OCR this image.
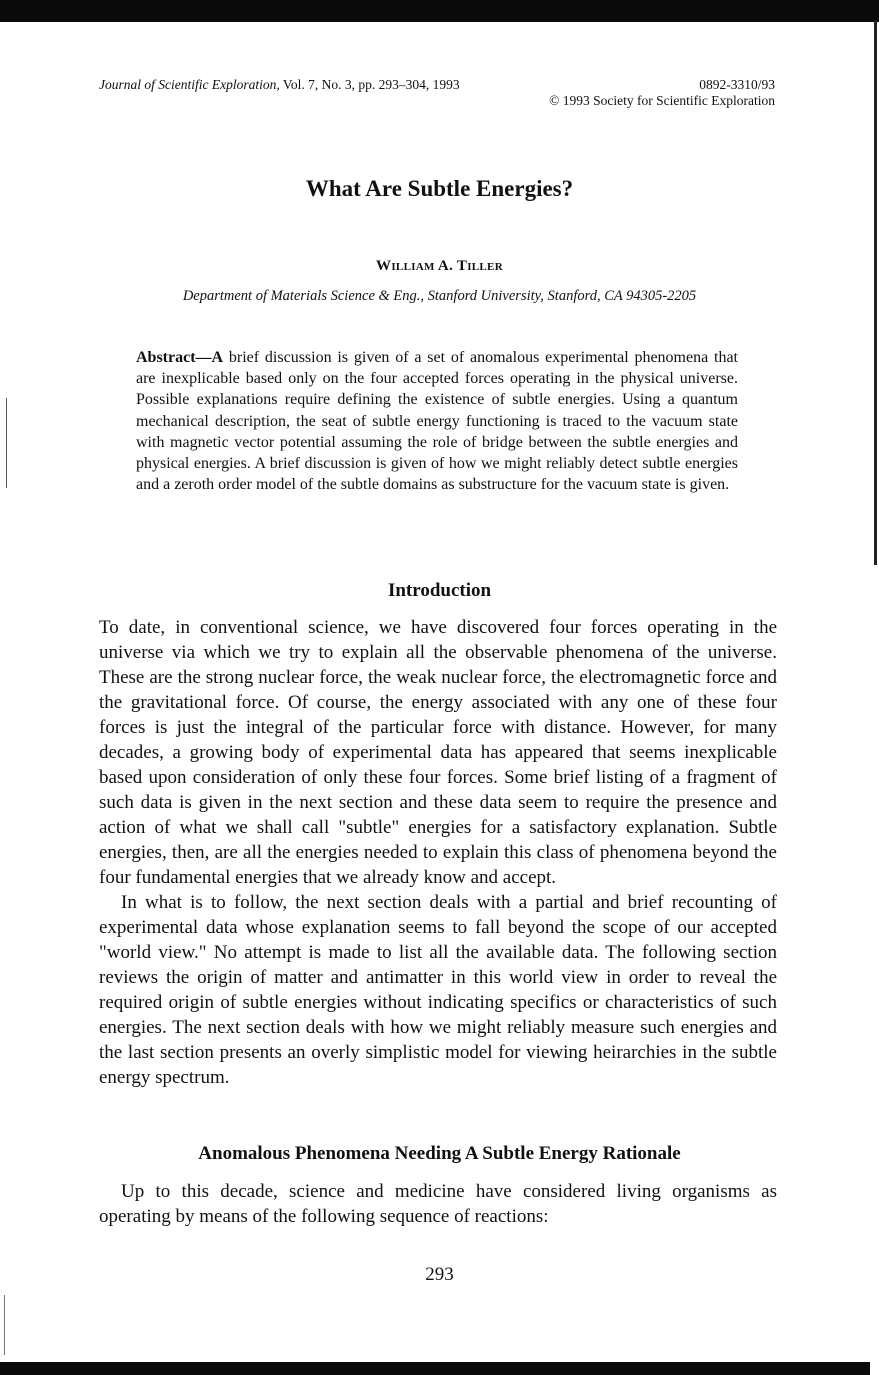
Journal of Scientific Exploration, Vol. 7, No. 3, pp. 293–304, 1993	0892-3310/93
© 1993 Society for Scientific Exploration
What Are Subtle Energies?
William A. Tiller
Department of Materials Science & Eng., Stanford University, Stanford, CA 94305-2205
Abstract—A brief discussion is given of a set of anomalous experimental phenomena that are inexplicable based only on the four accepted forces operating in the physical universe. Possible explanations require defining the existence of subtle energies. Using a quantum mechanical description, the seat of subtle energy functioning is traced to the vacuum state with magnetic vector potential assuming the role of bridge between the subtle energies and physical energies. A brief discussion is given of how we might reliably detect subtle energies and a zeroth order model of the subtle domains as substructure for the vacuum state is given.
Introduction

To date, in conventional science, we have discovered four forces operating in the universe via which we try to explain all the observable phenomena of the universe. These are the strong nuclear force, the weak nuclear force, the electromagnetic force and the gravitational force. Of course, the energy associated with any one of these four forces is just the integral of the particular force with distance. However, for many decades, a growing body of experimental data has appeared that seems inexplicable based upon consideration of only these four forces. Some brief listing of a fragment of such data is given in the next section and these data seem to require the presence and action of what we shall call "subtle" energies for a satisfactory explanation. Subtle energies, then, are all the energies needed to explain this class of phenomena beyond the four fundamental energies that we already know and accept.

In what is to follow, the next section deals with a partial and brief recounting of experimental data whose explanation seems to fall beyond the scope of our accepted "world view." No attempt is made to list all the available data. The following section reviews the origin of matter and antimatter in this world view in order to reveal the required origin of subtle energies without indicating specifics or characteristics of such energies. The next section deals with how we might reliably measure such energies and the last section presents an overly simplistic model for viewing heirarchies in the subtle energy spectrum.

Anomalous Phenomena Needing A Subtle Energy Rationale

Up to this decade, science and medicine have considered living organisms as operating by means of the following sequence of reactions:

293
